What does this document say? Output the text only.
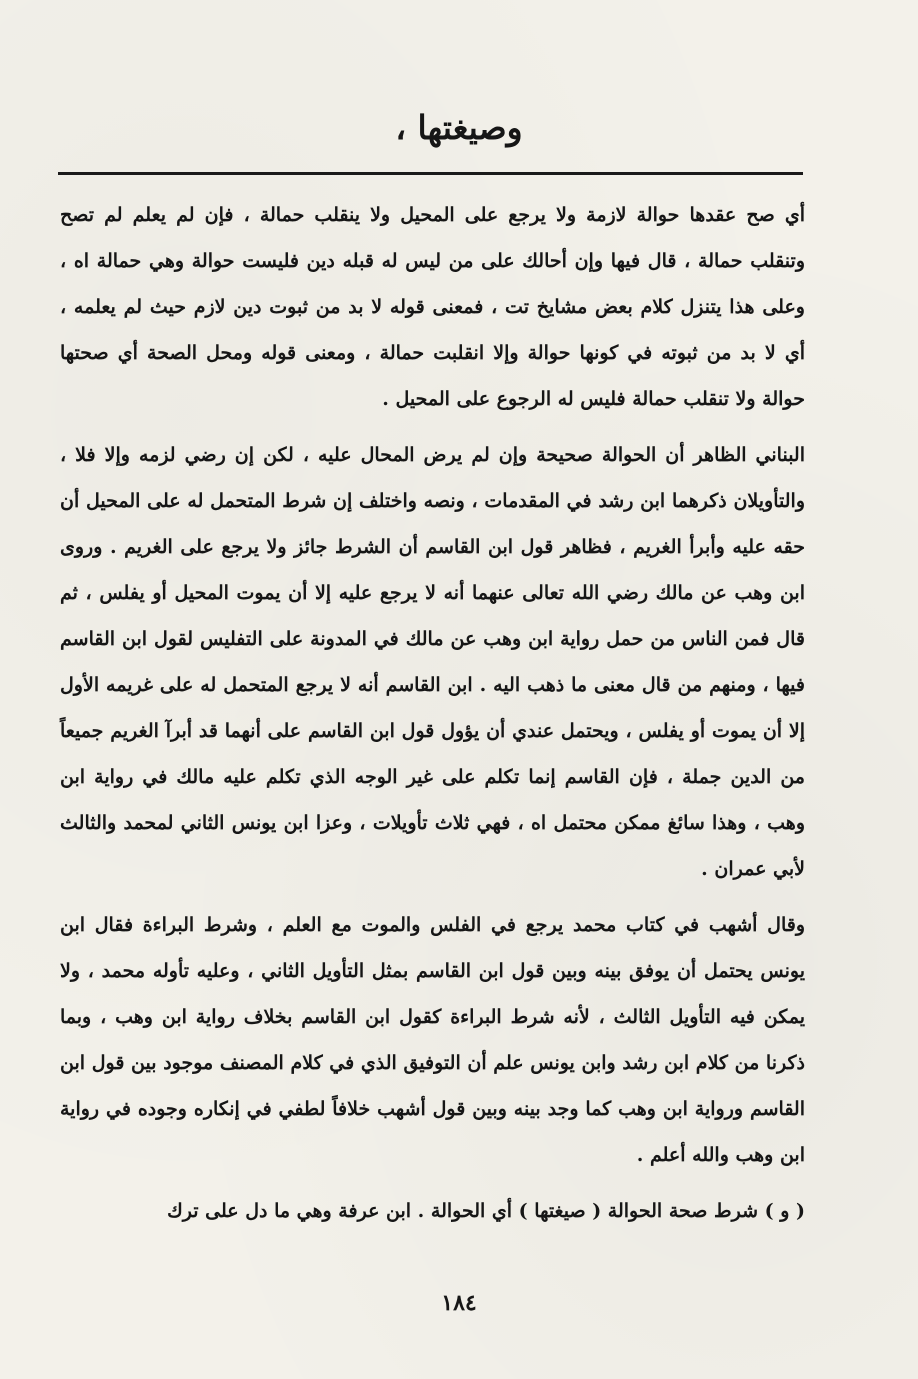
وصيغتها ،

أي صح عقدها حوالة لازمة ولا يرجع على المحيل ولا ينقلب حمالة ، فإن لم يعلم لم تصح وتنقلب حمالة ، قال فيها وإن أحالك على من ليس له قبله دين فليست حوالة وهي حمالة اه ، وعلى هذا يتنزل كلام بعض مشايخ تت ، فمعنى قوله لا بد من ثبوت دين لازم حيث لم يعلمه ، أي لا بد من ثبوته في كونها حوالة وإلا انقلبت حمالة ، ومعنى قوله ومحل الصحة أي صحتها حوالة ولا تنقلب حمالة فليس له الرجوع على المحيل .

البناني الظاهر أن الحوالة صحيحة وإن لم يرض المحال عليه ، لكن إن رضي لزمه وإلا فلا ، والتأويلان ذكرهما ابن رشد في المقدمات ، ونصه واختلف إن شرط المتحمل له على المحيل أن حقه عليه وأبرأ الغريم ، فظاهر قول ابن القاسم أن الشرط جائز ولا يرجع على الغريم . وروى ابن وهب عن مالك رضي الله تعالى عنهما أنه لا يرجع عليه إلا أن يموت المحيل أو يفلس ، ثم قال فمن الناس من حمل رواية ابن وهب عن مالك في المدونة على التفليس لقول ابن القاسم فيها ، ومنهم من قال معنى ما ذهب اليه . ابن القاسم أنه لا يرجع المتحمل له على غريمه الأول إلا أن يموت أو يفلس ، ويحتمل عندي أن يؤول قول ابن القاسم على أنهما قد أبرآ الغريم جميعاً من الدين جملة ، فإن القاسم إنما تكلم على غير الوجه الذي تكلم عليه مالك في رواية ابن وهب ، وهذا سائغ ممكن محتمل اه ، فهي ثلاث تأويلات ، وعزا ابن يونس الثاني لمحمد والثالث لأبي عمران .

وقال أشهب في كتاب محمد يرجع في الفلس والموت مع العلم ، وشرط البراءة فقال ابن يونس يحتمل أن يوفق بينه وبين قول ابن القاسم بمثل التأويل الثاني ، وعليه تأوله محمد ، ولا يمكن فيه التأويل الثالث ، لأنه شرط البراءة كقول ابن القاسم بخلاف رواية ابن وهب ، وبما ذكرنا من كلام ابن رشد وابن يونس علم أن التوفيق الذي في كلام المصنف موجود بين قول ابن القاسم ورواية ابن وهب كما وجد بينه وبين قول أشهب خلافاً لطفي في إنكاره وجوده في رواية ابن وهب والله أعلم .

( و ) شرط صحة الحوالة ( صيغتها ) أي الحوالة . ابن عرفة وهي ما دل على ترك

١٨٤
